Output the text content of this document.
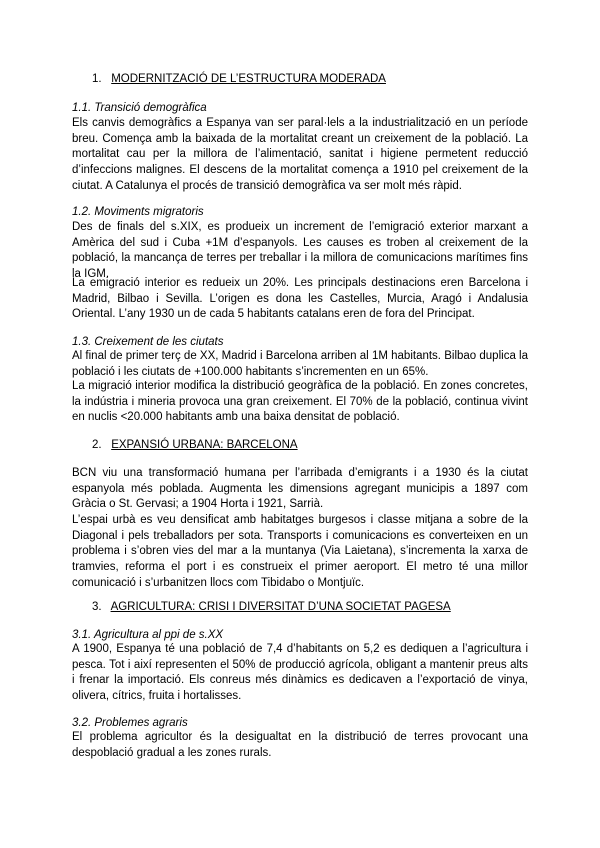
1. MODERNITZACIÓ DE L’ESTRUCTURA MODERADA
1.1. Transició demogràfica

Els canvis demogràfics a Espanya van ser paral·lels a la industrialització en un període breu. Comença amb la baixada de la mortalitat creant un creixement de la població. La mortalitat cau per la millora de l’alimentació, sanitat i higiene permetent reducció d’infeccions malignes. El descens de la mortalitat comença a 1910 pel creixement de la ciutat. A Catalunya el procés de transició demogràfica va ser molt més ràpid.

1.2. Moviments migratoris

Des de finals del s.XIX, es produeix un increment de l’emigració exterior marxant a Amèrica del sud i Cuba +1M d’espanyols. Les causes es troben al creixement de la població, la mancança de terres per treballar i la millora de comunicacions marítimes fins la IGM.

La emigració interior es redueix un 20%. Les principals destinacions eren Barcelona i Madrid, Bilbao i Sevilla. L’origen es dona les Castelles, Murcia, Aragó i Andalusia Oriental. L’any 1930 un de cada 5 habitants catalans eren de fora del Principat.

1.3. Creixement de les ciutats

Al final de primer terç de XX, Madrid i Barcelona arriben al 1M habitants. Bilbao duplica la població i les ciutats de +100.000 habitants s’incrementen en un 65%.

La migració interior modifica la distribució geogràfica de la població. En zones concretes, la indústria i mineria provoca una gran creixement. El 70% de la població, continua vivint en nuclis <20.000 habitants amb una baixa densitat de població.

2. EXPANSIÓ URBANA: BARCELONA

BCN viu una transformació humana per l’arribada d’emigrants i a 1930 és la ciutat espanyola més poblada. Augmenta les dimensions agregant municipis a 1897 com Gràcia o St. Gervasi; a 1904 Horta i 1921, Sarrià.

L’espai urbà es veu densificat amb habitatges burgesos i classe mitjana a sobre de la Diagonal i pels treballadors per sota. Transports i comunicacions es converteixen en un problema i s’obren vies del mar a la muntanya (Via Laietana), s’incrementa la xarxa de tramvies, reforma el port i es construeix el primer aeroport. El metro té una millor comunicació i s’urbanitzen llocs com Tibidabo o Montjuïc.

3. AGRICULTURA: CRISI I DIVERSITAT D’UNA SOCIETAT PAGESA
3.1. Agricultura al ppi de s.XX

A 1900, Espanya té una població de 7,4 d’habitants on 5,2 es dediquen a l’agricultura i pesca. Tot i així representen el 50% de producció agrícola, obligant a mantenir preus alts i frenar la importació. Els conreus més dinàmics es dedicaven a l’exportació de vinya, olivera, cítrics, fruita i hortalisses.

3.2. Problemes agraris

El problema agricultor és la desigualtat en la distribució de terres provocant una despoblació gradual a les zones rurals.
